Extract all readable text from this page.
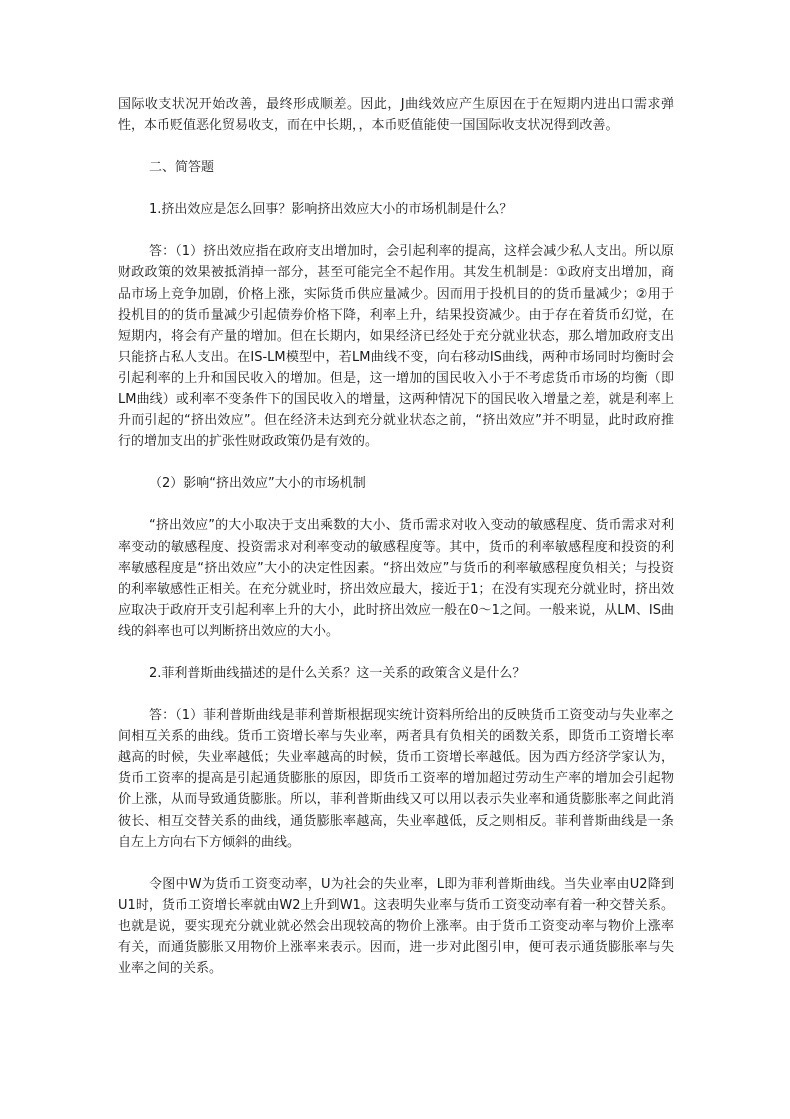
国际收支状况开始改善，最终形成顺差。因此，J曲线效应产生原因在于在短期内进出口需求弹性，本币贬值恶化贸易收支，而在中长期，，本币贬值能使一国国际收支状况得到改善。

二、简答题

1.挤出效应是怎么回事？影响挤出效应大小的市场机制是什么？

答：（1）挤出效应指在政府支出增加时，会引起利率的提高，这样会减少私人支出。所以原财政政策的效果被抵消掉一部分，甚至可能完全不起作用。其发生机制是：①政府支出增加，商品市场上竞争加剧，价格上涨，实际货币供应量减少。因而用于投机目的的货币量减少；②用于投机目的的货币量减少引起债券价格下降，利率上升，结果投资减少。由于存在着货币幻觉，在短期内，将会有产量的增加。但在长期内，如果经济已经处于充分就业状态，那么增加政府支出只能挤占私人支出。在IS-LM模型中，若LM曲线不变，向右移动IS曲线，两种市场同时均衡时会引起利率的上升和国民收入的增加。但是，这一增加的国民收入小于不考虑货币市场的均衡（即LM曲线）或利率不变条件下的国民收入的增量，这两种情况下的国民收入增量之差，就是利率上升而引起的“挤出效应”。但在经济未达到充分就业状态之前，“挤出效应”并不明显，此时政府推行的增加支出的扩张性财政政策仍是有效的。

（2）影响“挤出效应”大小的市场机制

“挤出效应”的大小取决于支出乘数的大小、货币需求对收入变动的敏感程度、货币需求对利率变动的敏感程度、投资需求对利率变动的敏感程度等。其中，货币的利率敏感程度和投资的利率敏感程度是“挤出效应”大小的决定性因素。“挤出效应”与货币的利率敏感程度负相关；与投资的利率敏感性正相关。在充分就业时，挤出效应最大，接近于1；在没有实现充分就业时，挤出效应取决于政府开支引起利率上升的大小，此时挤出效应一般在0～1之间。一般来说，从LM、IS曲线的斜率也可以判断挤出效应的大小。

2.菲利普斯曲线描述的是什么关系？这一关系的政策含义是什么？

答：（1）菲利普斯曲线是菲利普斯根据现实统计资料所给出的反映货币工资变动与失业率之间相互关系的曲线。货币工资增长率与失业率，两者具有负相关的函数关系，即货币工资增长率越高的时候，失业率越低；失业率越高的时候，货币工资增长率越低。因为西方经济学家认为，货币工资率的提高是引起通货膨胀的原因，即货币工资率的增加超过劳动生产率的增加会引起物价上涨，从而导致通货膨胀。所以，菲利普斯曲线又可以用以表示失业率和通货膨胀率之间此消彼长、相互交替关系的曲线，通货膨胀率越高，失业率越低，反之则相反。菲利普斯曲线是一条自左上方向右下方倾斜的曲线。

令图中W为货币工资变动率，U为社会的失业率，L即为菲利普斯曲线。当失业率由U2降到U1时，货币工资增长率就由W2上升到W1。这表明失业率与货币工资变动率有着一种交替关系。也就是说，要实现充分就业就必然会出现较高的物价上涨率。由于货币工资变动率与物价上涨率有关，而通货膨胀又用物价上涨率来表示。因而，进一步对此图引申，便可表示通货膨胀率与失业率之间的关系。
